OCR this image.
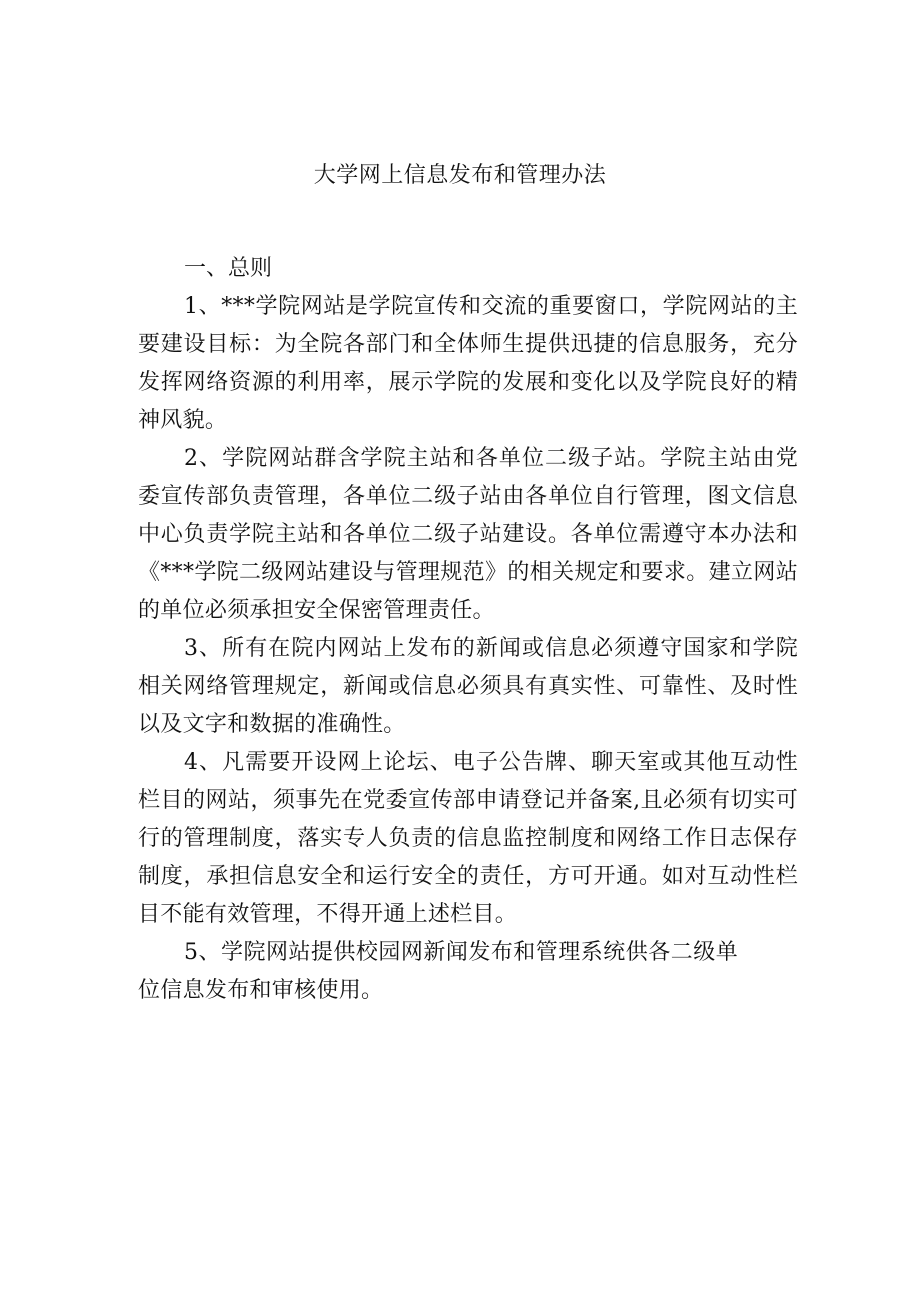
大学网上信息发布和管理办法
一、总则

1、***学院网站是学院宣传和交流的重要窗口，学院网站的主要建设目标：为全院各部门和全体师生提供迅捷的信息服务，充分发挥网络资源的利用率，展示学院的发展和变化以及学院良好的精神风貌。

2、学院网站群含学院主站和各单位二级子站。学院主站由党委宣传部负责管理，各单位二级子站由各单位自行管理，图文信息中心负责学院主站和各单位二级子站建设。各单位需遵守本办法和《***学院二级网站建设与管理规范》的相关规定和要求。建立网站的单位必须承担安全保密管理责任。

3、所有在院内网站上发布的新闻或信息必须遵守国家和学院相关网络管理规定，新闻或信息必须具有真实性、可靠性、及时性以及文字和数据的准确性。

4、凡需要开设网上论坛、电子公告牌、聊天室或其他互动性栏目的网站，须事先在党委宣传部申请登记并备案,且必须有切实可行的管理制度，落实专人负责的信息监控制度和网络工作日志保存制度，承担信息安全和运行安全的责任，方可开通。如对互动性栏目不能有效管理，不得开通上述栏目。

5、学院网站提供校园网新闻发布和管理系统供各二级单位信息发布和审核使用。
